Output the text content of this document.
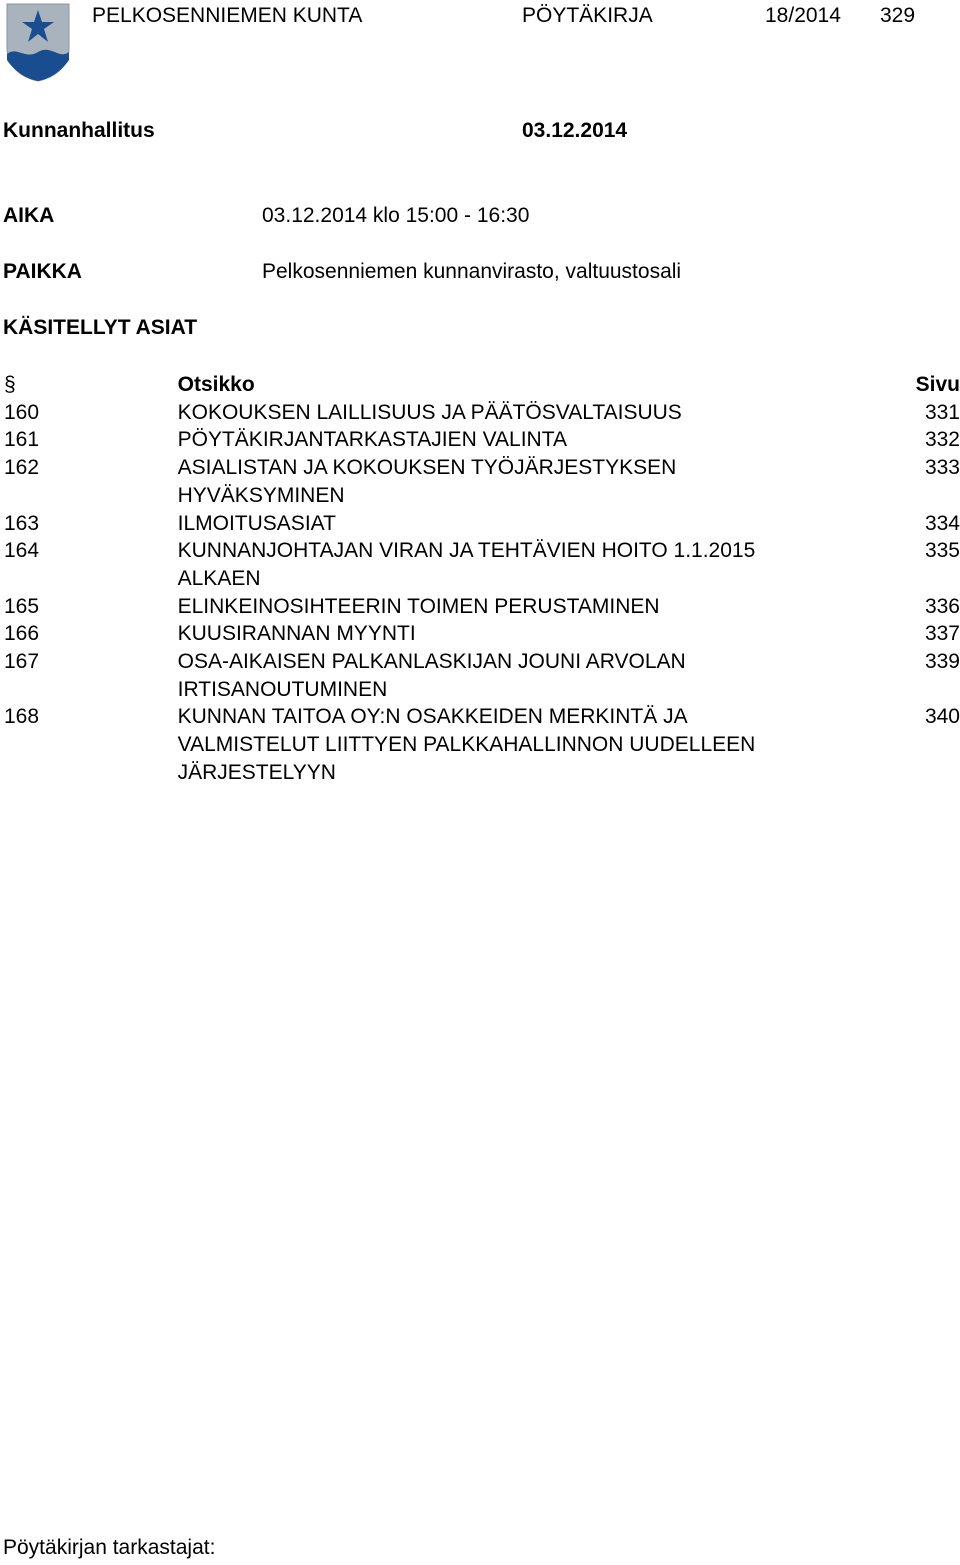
PELKOSENNIEMEN KUNTA	PÖYTÄKIRJA	18/2014 329
Kunnanhallitus	03.12.2014
AIKA	03.12.2014 klo 15:00 - 16:30
PAIKKA	Pelkosenniemen kunnanvirasto, valtuustosali
KÄSITELLYT ASIAT
§	Otsikko	Sivu
160	KOKOUKSEN LAILLISUUS JA PÄÄTÖSVALTAISUUS	331
161	PÖYTÄKIRJANTARKASTAJIEN VALINTA	332
162	ASIALISTAN JA KOKOUKSEN TYÖJÄRJESTYKSEN HYVÄKSYMINEN	333
163	ILMOITUSASIAT	334
164	KUNNANJOHTAJAN VIRAN JA TEHTÄVIEN HOITO 1.1.2015 ALKAEN	335
165	ELINKEINOSIHTEERIN TOIMEN PERUSTAMINEN	336
166	KUUSIRANNAN MYYNTI	337
167	OSA-AIKAISEN PALKANLASKIJAN JOUNI ARVOLAN IRTISANOUTUMINEN	339
168	KUNNAN TAITOA OY:N OSAKKEIDEN MERKINTÄ JA VALMISTELUT LIITTYEN PALKKAHALLINNON UUDELLEEN JÄRJESTELYYN	340
Pöytäkirjan tarkastajat:
